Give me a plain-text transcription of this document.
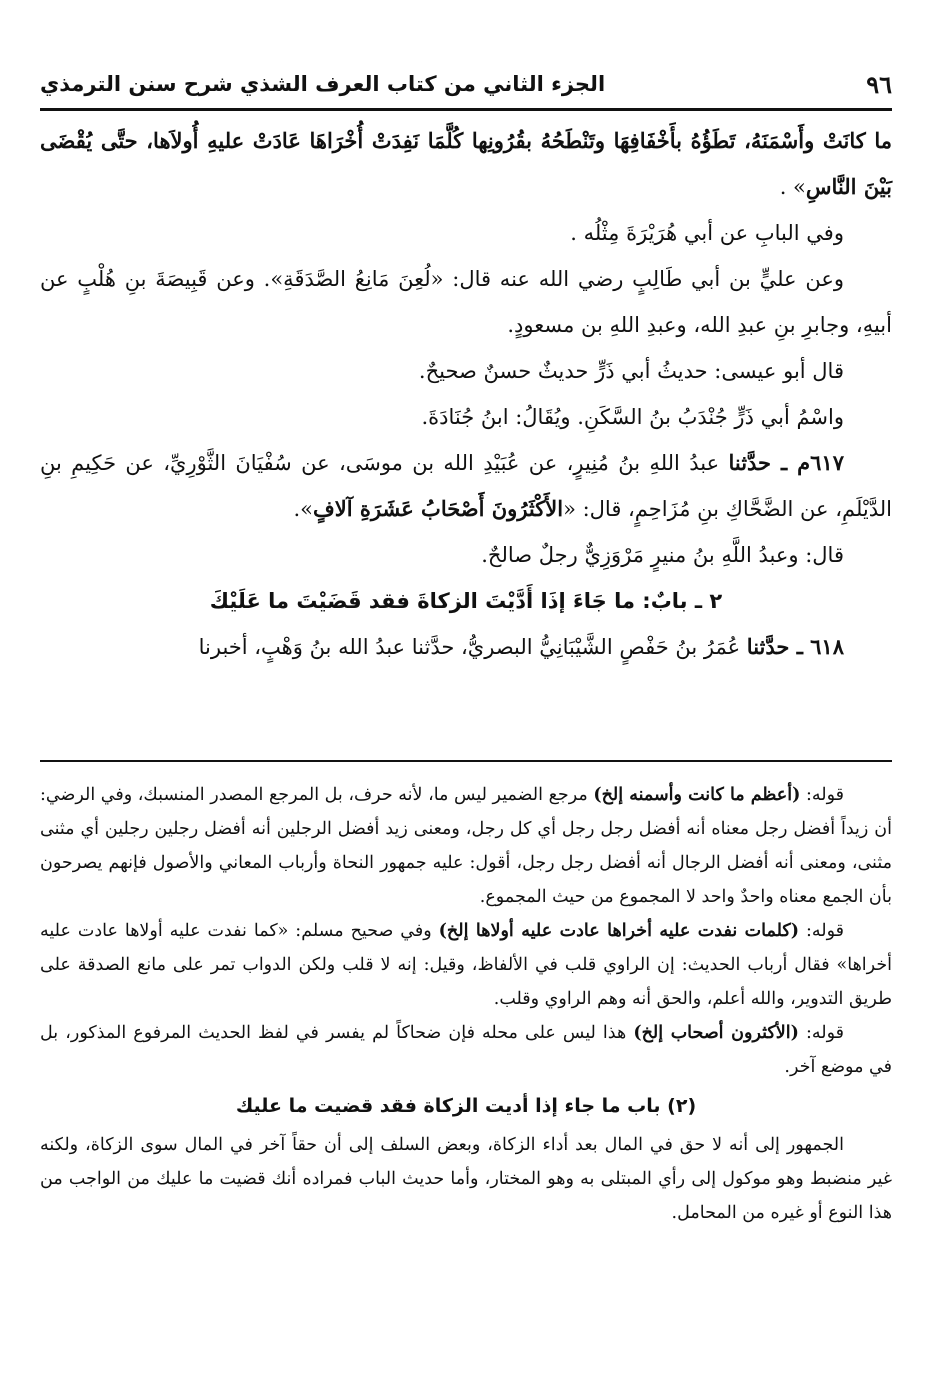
٩٦
الجزء الثاني من كتاب العرف الشذي شرح سنن الترمذي

ما كانَتْ وأَسْمَنَهُ، تَطَؤُهُ بأَخْفَافِهَا وتَنْطَحُهُ بقُرُونِها كُلَّمَا نَفِدَتْ أُخْرَاهَا عَادَتْ عليهِ أُولاَها، حتَّى يُقْضَى بَيْنَ النَّاسِ» .

وفي البابِ عن أبي هُرَيْرَةَ مِثْلُه .

وعن عليٍّ بن أبي طَالِبٍ رضي الله عنه قال: «لُعِنَ مَانِعُ الصَّدَقَةِ». وعن قَبِيصَةَ بنِ هُلْبٍ عن أبيهِ، وجابرِ بنِ عبدِ الله، وعبدِ اللهِ بن مسعودٍ.

قال أبو عيسى: حديثُ أبي ذَرٍّ حديثٌ حسنٌ صحيحٌ.

واسْمُ أبي ذَرٍّ جُنْدَبُ بنُ السَّكَنِ. ويُقَالُ: ابنُ جُنَادَةَ.

٦١٧م ـ حدَّثنا عبدُ اللهِ بنُ مُنِيرٍ، عن عُبَيْدِ الله بن موسَى، عن سُفْيَانَ الثَّوْرِيِّ، عن حَكِيمِ بنِ الدَّيْلَمِ، عن الضَّحَّاكِ بنِ مُزَاحِمٍ، قال: «الأَكْثَرُونَ أَصْحَابُ عَشَرَةِ آلافٍ».

قال: وعبدُ اللَّهِ بنُ منيرٍ مَرْوَزِيٌّ رجلٌ صالحٌ.

٢ ـ بابٌ: ما جَاءَ إذَا أَدَّيْتَ الزكاةَ فقد قَضَيْتَ ما عَلَيْكَ

٦١٨ ـ حدَّثنا عُمَرُ بنُ حَفْصٍ الشَّيْبَانِيُّ البصريُّ، حدَّثنا عبدُ الله بنُ وَهْبٍ، أخبرنا

قوله: (أعظم ما كانت وأسمنه إلخ) مرجع الضمير ليس ما، لأنه حرف، بل المرجع المصدر المنسبك، وفي الرضي: أن زيداً أفضل رجل معناه أنه أفضل رجل رجل أي كل رجل، ومعنى زيد أفضل الرجلين أنه أفضل رجلين رجلين أي مثنى مثنى، ومعنى أنه أفضل الرجال أنه أفضل رجل رجل، أقول: عليه جمهور النحاة وأرباب المعاني والأصول فإنهم يصرحون بأن الجمع معناه واحدٌ واحد لا المجموع من حيث المجموع.

قوله: (كلمات نفدت عليه أخراها عادت عليه أولاها إلخ) وفي صحيح مسلم: «كما نفدت عليه أولاها عادت عليه أخراها» فقال أرباب الحديث: إن الراوي قلب في الألفاظ، وقيل: إنه لا قلب ولكن الدواب تمر على مانع الصدقة على طريق التدوير، والله أعلم، والحق أنه وهم الراوي وقلب.

قوله: (الأكثرون أصحاب إلخ) هذا ليس على محله فإن ضحاكاً لم يفسر في لفظ الحديث المرفوع المذكور، بل في موضع آخر.

(٢) باب ما جاء إذا أديت الزكاة فقد قضيت ما عليك

الجمهور إلى أنه لا حق في المال بعد أداء الزكاة، وبعض السلف إلى أن حقاً آخر في المال سوى الزكاة، ولكنه غير منضبط وهو موكول إلى رأي المبتلى به وهو المختار، وأما حديث الباب فمراده أنك قضيت ما عليك من الواجب من هذا النوع أو غيره من المحامل.
